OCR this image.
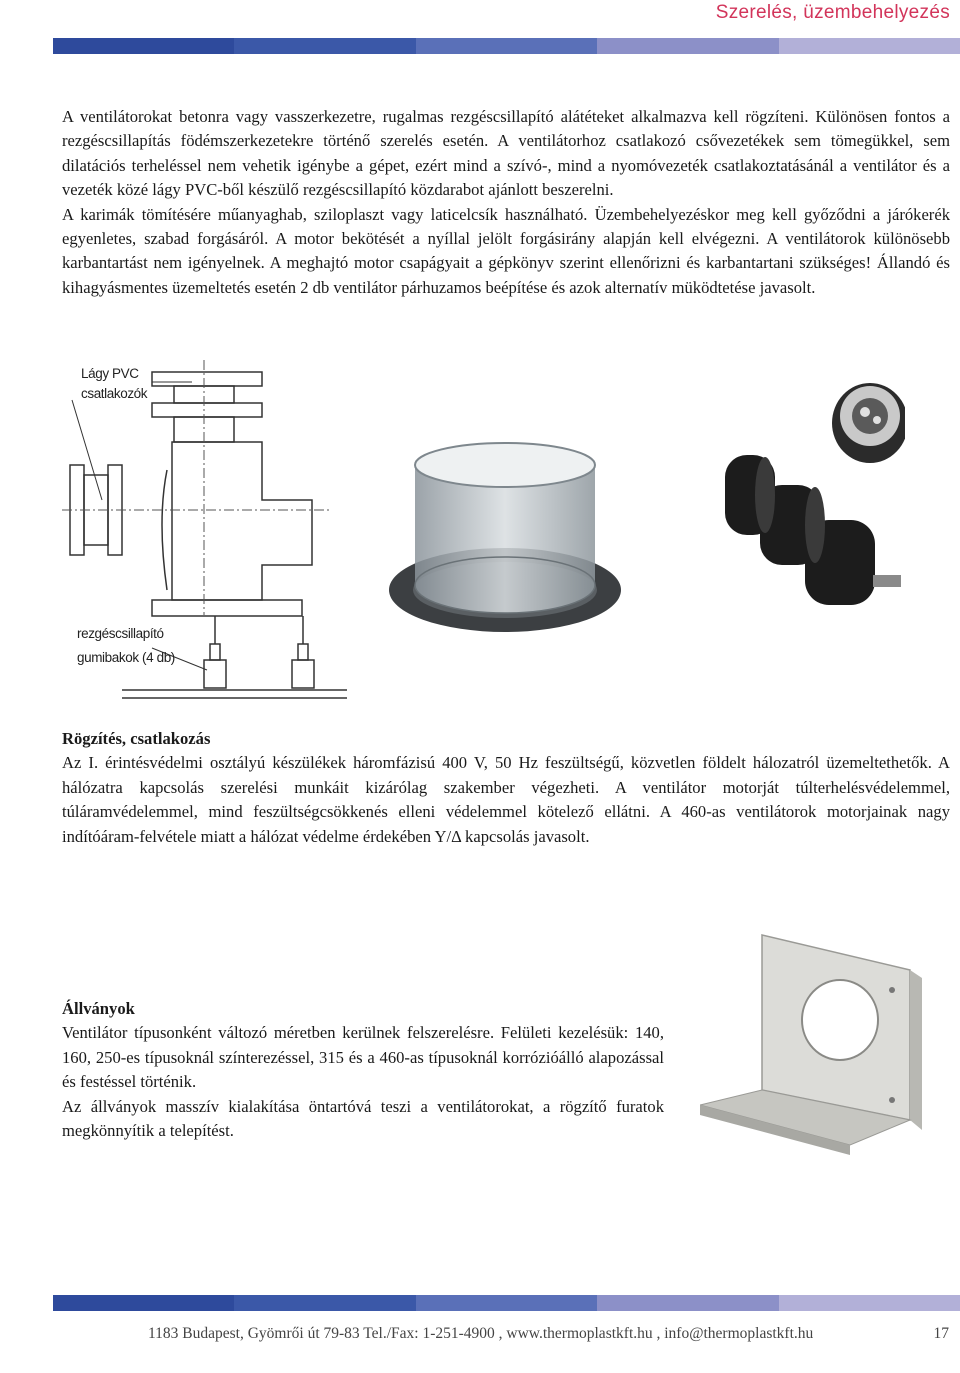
Szerelés, üzembehelyezés

A ventilátorokat betonra vagy vasszerkezetre, rugalmas rezgéscsillapító alátéteket alkalmazva kell rögzíteni. Különösen fontos a rezgéscsillapítás födémszerkezetekre történő szerelés esetén. A ventilátorhoz csatlakozó csővezetékek sem tömegükkel, sem dilatációs terheléssel nem vehetik igénybe a gépet, ezért mind a szívó-, mind a nyomóvezeték csatlakoztatásánál a ventilátor és a vezeték közé lágy PVC-ből készülő rezgéscsillapító közdarabot ajánlott beszerelni.

A karimák tömítésére műanyaghab, sziloplaszt vagy laticelcsík használható. Üzembehelyezéskor meg kell győződni a járókerék egyenletes, szabad forgásáról. A motor bekötését a nyíllal jelölt forgásirány alapján kell elvégezni. A ventilátorok különösebb karbantartást nem igényelnek. A meghajtó motor csapágyait a gépkönyv szerint ellenőrizni és karbantartani szükséges! Állandó és kihagyásmentes üzemeltetés esetén 2 db ventilátor párhuzamos beépítése és azok alternatív müködtetése javasolt.

Lágy PVC
csatlakozók
rezgéscsillapító
gumibakok (4 db)

Rögzítés, csatlakozás

Az I. érintésvédelmi osztályú készülékek háromfázisú 400 V, 50 Hz feszültségű, közvetlen földelt hálozatról üzemeltethetők. A hálózatra kapcsolás szerelési munkáit kizárólag szakember végezheti. A ventilátor motorját túlterhelésvédelemmel, túláramvédelemmel, mind feszültségcsökkenés elleni védelemmel kötelező ellátni. A 460-as ventilátorok motorjainak nagy indítóáram-felvétele miatt a hálózat védelme érdekében Y/Δ kapcsolás javasolt.

Állványok

Ventilátor típusonként változó méretben kerülnek felszerelésre. Felületi kezelésük: 140, 160, 250-es típusoknál színterezéssel, 315 és a 460-as típusoknál korrózióálló alapozással és festéssel történik.

Az állványok masszív kialakítása öntartóvá teszi a ventilátorokat, a rögzítő furatok megkönnyítik a telepítést.

1183 Budapest, Gyömrői út 79-83 Tel./Fax: 1-251-4900 , www.thermoplastkft.hu , info@thermoplastkft.hu	17
